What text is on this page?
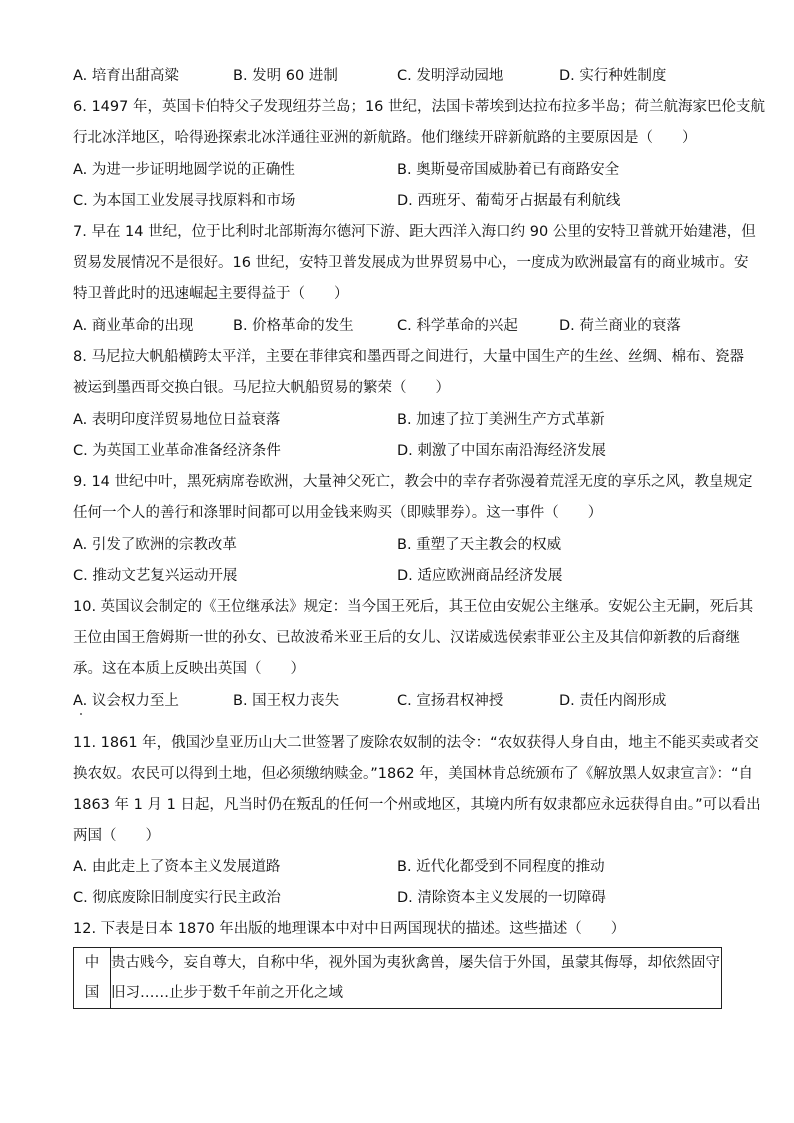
A. 培育出甜高粱	B. 发明 60 进制	C. 发明浮动园地	D. 实行种姓制度
6. 1497 年，英国卡伯特父子发现纽芬兰岛；16 世纪，法国卡蒂埃到达拉布拉多半岛；荷兰航海家巴伦支航
行北冰洋地区，哈得逊探索北冰洋通往亚洲的新航路。他们继续开辟新航路的主要原因是（　　）
A. 为进一步证明地圆学说的正确性	B. 奥斯曼帝国威胁着已有商路安全
C. 为本国工业发展寻找原料和市场	D. 西班牙、葡萄牙占据最有利航线
7. 早在 14 世纪，位于比利时北部斯海尔德河下游、距大西洋入海口约 90 公里的安特卫普就开始建港，但
贸易发展情况不是很好。16 世纪，安特卫普发展成为世界贸易中心，一度成为欧洲最富有的商业城市。安
特卫普此时的迅速崛起主要得益于（　　）
A. 商业革命的出现	B. 价格革命的发生	C. 科学革命的兴起	D. 荷兰商业的衰落
8. 马尼拉大帆船横跨太平洋，主要在菲律宾和墨西哥之间进行，大量中国生产的生丝、丝绸、棉布、瓷器
被运到墨西哥交换白银。马尼拉大帆船贸易的繁荣（　　）
A. 表明印度洋贸易地位日益衰落	B. 加速了拉丁美洲生产方式革新
C. 为英国工业革命准备经济条件	D. 刺激了中国东南沿海经济发展
9. 14 世纪中叶，黑死病席卷欧洲，大量神父死亡，教会中的幸存者弥漫着荒淫无度的享乐之风，教皇规定
任何一个人的善行和涤罪时间都可以用金钱来购买（即赎罪券）。这一事件（　　）
A. 引发了欧洲的宗教改革	B. 重塑了天主教会的权威
C. 推动文艺复兴运动开展	D. 适应欧洲商品经济发展
10. 英国议会制定的《王位继承法》规定：当今国王死后，其王位由安妮公主继承。安妮公主无嗣，死后其
王位由国王詹姆斯一世的孙女、已故波希米亚王后的女儿、汉诺威选侯索菲亚公主及其信仰新教的后裔继
承。这在本质上反映出英国（　　）
A. 议会权力至上	B. 国王权力丧失	C. 宣扬君权神授	D. 责任内阁形成
11. 1861 年，俄国沙皇亚历山大二世签署了废除农奴制的法令：“农奴获得人身自由，地主不能买卖或者交
换农奴。农民可以得到土地，但必须缴纳赎金。”1862 年，美国林肯总统颁布了《解放黑人奴隶宣言》：“自
1863 年 1 月 1 日起，凡当时仍在叛乱的任何一个州或地区，其境内所有奴隶都应永远获得自由。”可以看出
两国（　　）
A. 由此走上了资本主义发展道路	B. 近代化都受到不同程度的推动
C. 彻底废除旧制度实行民主政治	D. 清除资本主义发展的一切障碍
12. 下表是日本 1870 年出版的地理课本中对中日两国现状的描述。这些描述（　　）
中
国

贵古贱今，妄自尊大，自称中华，视外国为夷狄禽兽，屡失信于外国，虽蒙其侮辱，却依然固守
旧习……止步于数千年前之开化之域
